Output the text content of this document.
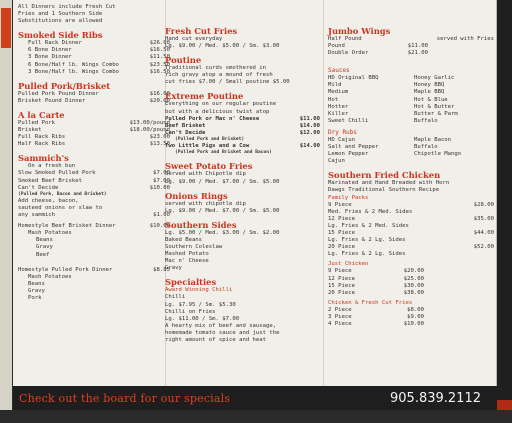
All Dinners include Fresh Cut
Fries and 1 Southern Side
Substitutions are allowed
Smoked Side Ribs
Full Rack Dinner	$26.00
6 Bone Dinner	$16.50
3 Bone Dinner	$11.50
6 Bone/Half lb. Wings Combo	$23.50
3 Bone/Half lb. Wings Combo	$16.50
Pulled Pork/Brisket
Pulled Pork Pound Dinner	$16.00
Brisket Pound Dinner	$20.00
A la Carte
Pulled Pork	$13.00/pound
Brisket	$18.00/pound
Full Rack Ribs	$23.00
Half Rack Ribs	$13.50
Sammich's
On a fresh bun
Slow Smoked Pulled Pork	$7.00
Smoked Beef Brisket	$7.00
Can't Decide	$10.00
(Pulled Pork, Bacon and Brisket)
Add cheese, bacon,
sauteed onions or slaw to
any sammich	$1.00
Homestyle Beef Brisket Dinner	$10.60
Mash Potatoes
Beans
Gravy
Beef
Homestyle Pulled Pork Dinner	$8.85
Mash Potatoes
Beans
Gravy
Pork
Fresh Cut Fries
Hand cut everyday
Lg. $9.00 / Med. $5.00 / Sm. $3.00
Poutine
Traditional curds smothered in
rich gravy atop a mound of fresh
cut fries $7.00 / Small poutine $5.00
Extreme Poutine
Everything on our regular poutine
but with a delicious twist atop
Pulled Pork or Mac n' Cheese	$11.00
Beef Brisket	$14.00
Can't Decide	$12.00
(Pulled Pork and Brisket)
Two Little Pigs and a Cow	$14.00
(Pulled Pork and Brisket and Bacon)
Sweet Potato Fries
Served with Chipotle dip
Lg. $9.00 / Med. $7.00 / Sm. $5.00
Onions Rings
served with chipotle dip
Lg. $9.00 / Med. $7.00 / Sm. $5.00
Southern Sides
Lg. $5.00 / Med. $3.00 / Sm. $2.00
Baked Beans
Southern Coleslaw
Mashed Potato
Mac n' Cheese
Gravy
Specialties
Award Winning Chilli
Chilli
Lg. $7.95 / Sm. $5.30
Chilli on Fries
Lg. $11.00 / Sm. $7.00
A hearty mix of beef and sausage,
homemade tomato sauce and just the
right amount of spice and heat
Jumbo Wings
Half Pound	served with Fries
Pound	$11.00
Double Order	$21.00
Sauces
HD Original BBQ
Mild
Medium
Hot
Hotter
Killer
Sweet Chilli
Honey Garlic
Honey BBQ
Maple BBQ
Hot & Blue
Hot & Butter
Butter & Parm
Buffalo
Dry Rubs
HD Cajun
Salt and Pepper
Lemon Pepper
Cajun
Maple Bacon
Buffalo
Chipotle Mango
Southern Fried Chicken
Marinated and Hand Breaded with Horn
Dawgs Traditional Southern Recipe
Family Packs
9 Piece	$28.00
Med. Fries & 2 Med. Sides
12 Piece	$35.00
Lg. Fries & 2 Med. Sides
15 Piece	$44.00
Lg. Fries & 2 Lg. Sides
20 Piece	$52.00
Lg. Fries & 2 Lg. Sides
Just Chicken
9 Piece	$20.00
12 Piece	$25.00
15 Piece	$30.00
20 Piece	$38.00
Chicken & Fresh Cut Fries
2 Piece	$8.00
3 Piece	$9.00
4 Piece	$10.00
Check out the board for our specials	905.839.2112
